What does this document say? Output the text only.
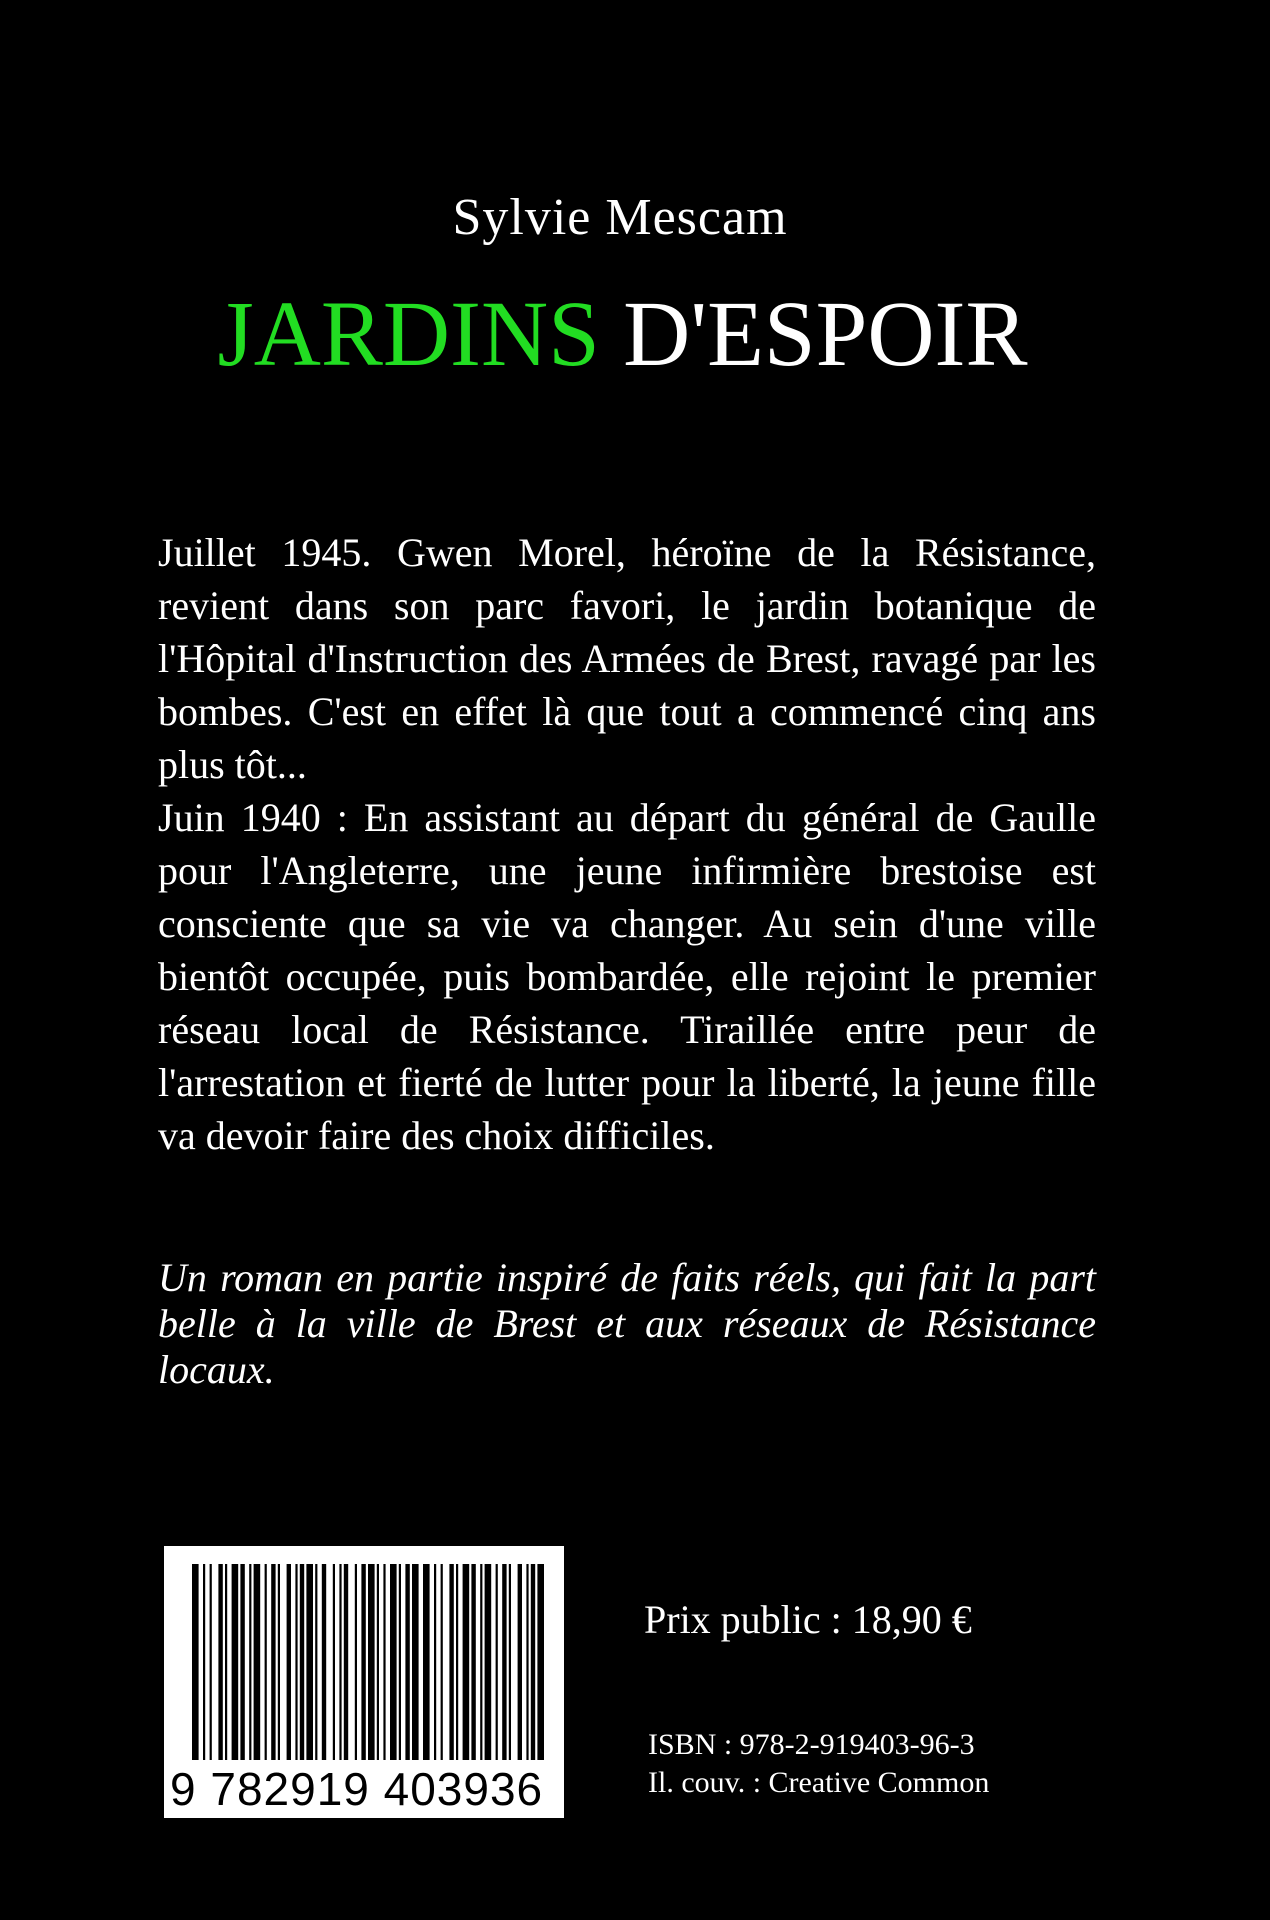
Sylvie Mescam
JARDINS D'ESPOIR

Juillet 1945. Gwen Morel, héroïne de la Résistance, revient dans son parc favori, le jardin botanique de l'Hôpital d'Instruction des Armées de Brest, ravagé par les bombes. C'est en effet là que tout a commencé cinq ans plus tôt...

Juin 1940 : En assistant au départ du général de Gaulle pour l'Angleterre, une jeune infirmière brestoise est consciente que sa vie va changer. Au sein d'une ville bientôt occupée, puis bombardée, elle rejoint le premier réseau local de Résistance. Tiraillée entre peur de l'arrestation et fierté de lutter pour la liberté, la jeune fille va devoir faire des choix difficiles.

Un roman en partie inspiré de faits réels, qui fait la part belle à la ville de Brest et aux réseaux de Résistance locaux.
9 782919 403936
Prix public : 18,90 €
ISBN : 978-2-919403-96-3
Il. couv. : Creative Common
